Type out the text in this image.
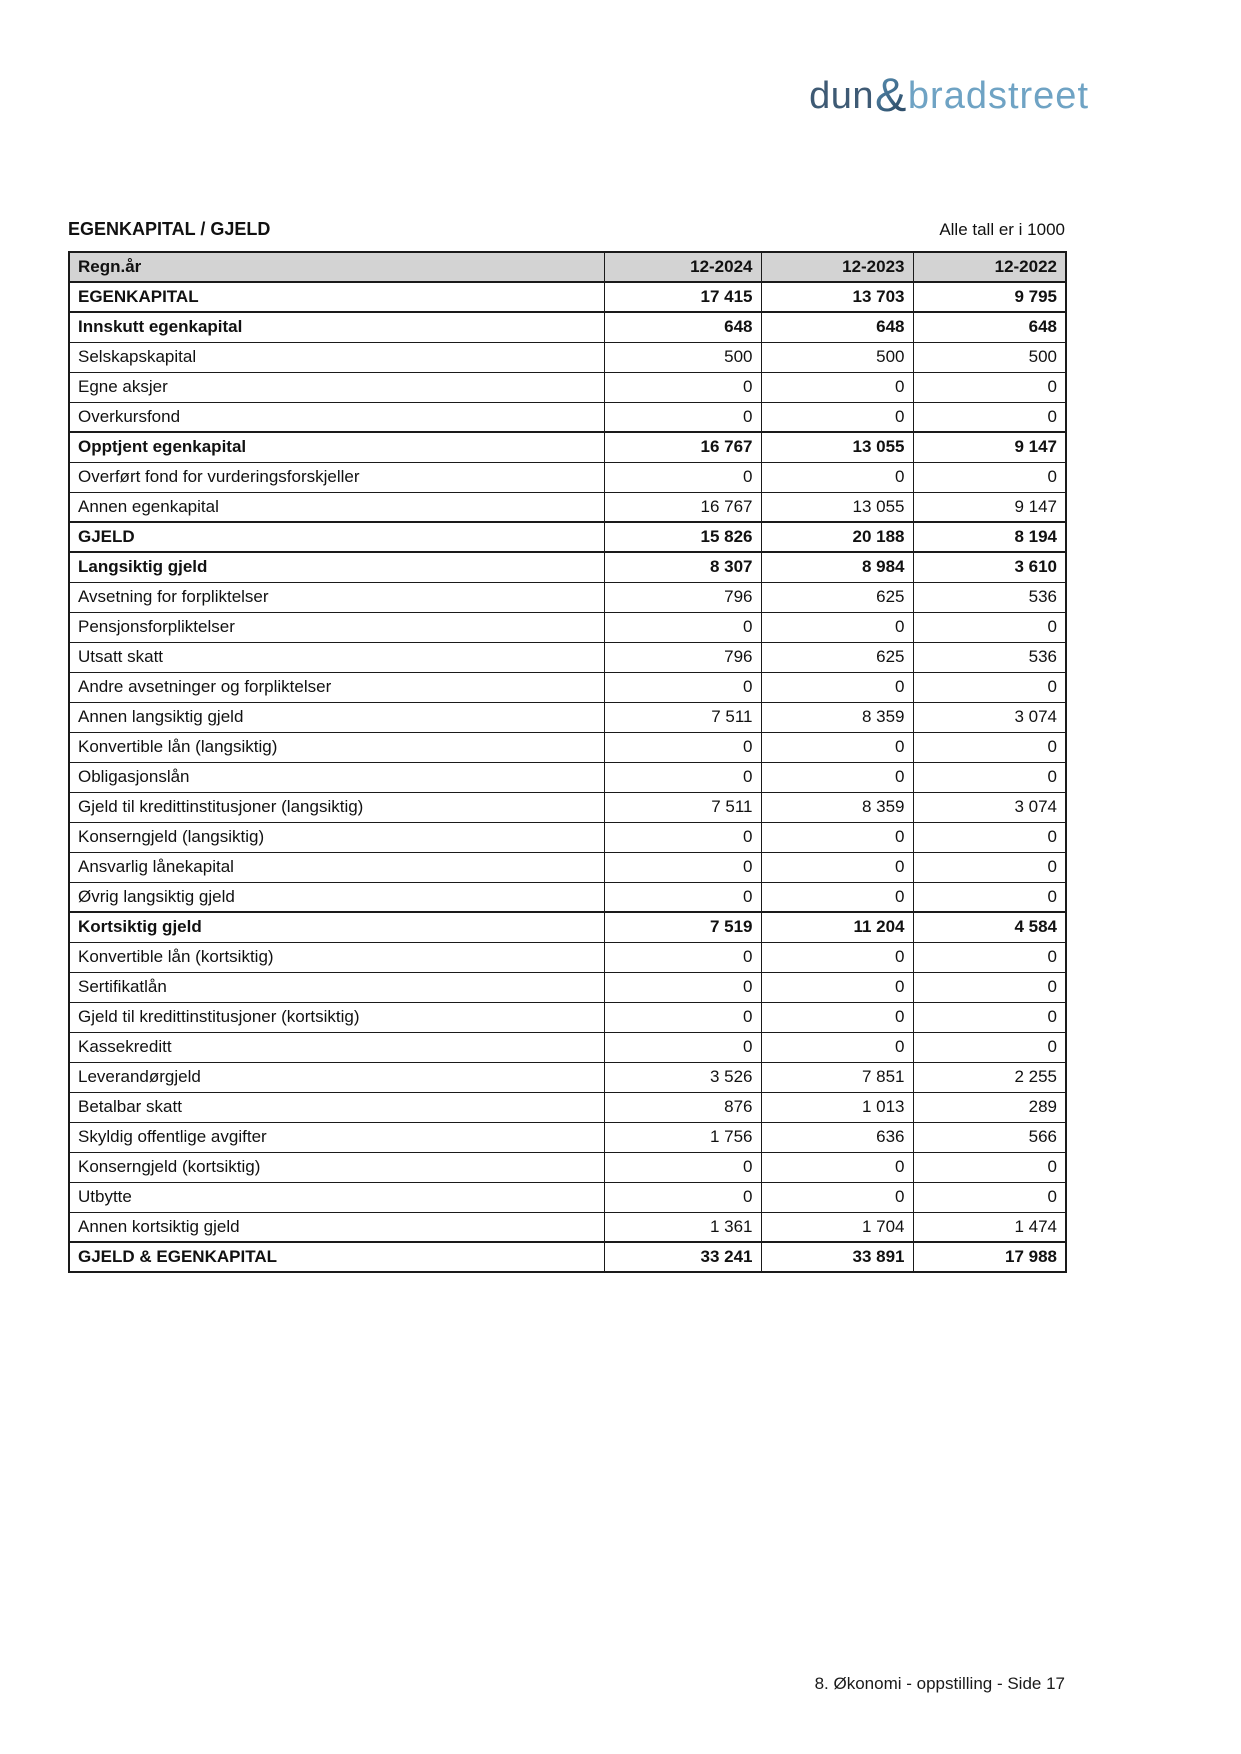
dun&bradstreet
EGENKAPITAL / GJELD	Alle tall er i 1000
Regn.år	12-2024	12-2023	12-2022
EGENKAPITAL	17 415	13 703	9 795
Innskutt egenkapital	648	648	648
Selskapskapital	500	500	500
Egne aksjer	0	0	0
Overkursfond	0	0	0
Opptjent egenkapital	16 767	13 055	9 147
Overført fond for vurderingsforskjeller	0	0	0
Annen egenkapital	16 767	13 055	9 147
GJELD	15 826	20 188	8 194
Langsiktig gjeld	8 307	8 984	3 610
Avsetning for forpliktelser	796	625	536
Pensjonsforpliktelser	0	0	0
Utsatt skatt	796	625	536
Andre avsetninger og forpliktelser	0	0	0
Annen langsiktig gjeld	7 511	8 359	3 074
Konvertible lån (langsiktig)	0	0	0
Obligasjonslån	0	0	0
Gjeld til kredittinstitusjoner (langsiktig)	7 511	8 359	3 074
Konserngjeld (langsiktig)	0	0	0
Ansvarlig lånekapital	0	0	0
Øvrig langsiktig gjeld	0	0	0
Kortsiktig gjeld	7 519	11 204	4 584
Konvertible lån (kortsiktig)	0	0	0
Sertifikatlån	0	0	0
Gjeld til kredittinstitusjoner (kortsiktig)	0	0	0
Kassekreditt	0	0	0
Leverandørgjeld	3 526	7 851	2 255
Betalbar skatt	876	1 013	289
Skyldig offentlige avgifter	1 756	636	566
Konserngjeld (kortsiktig)	0	0	0
Utbytte	0	0	0
Annen kortsiktig gjeld	1 361	1 704	1 474
GJELD & EGENKAPITAL	33 241	33 891	17 988
8. Økonomi - oppstilling - Side 17
